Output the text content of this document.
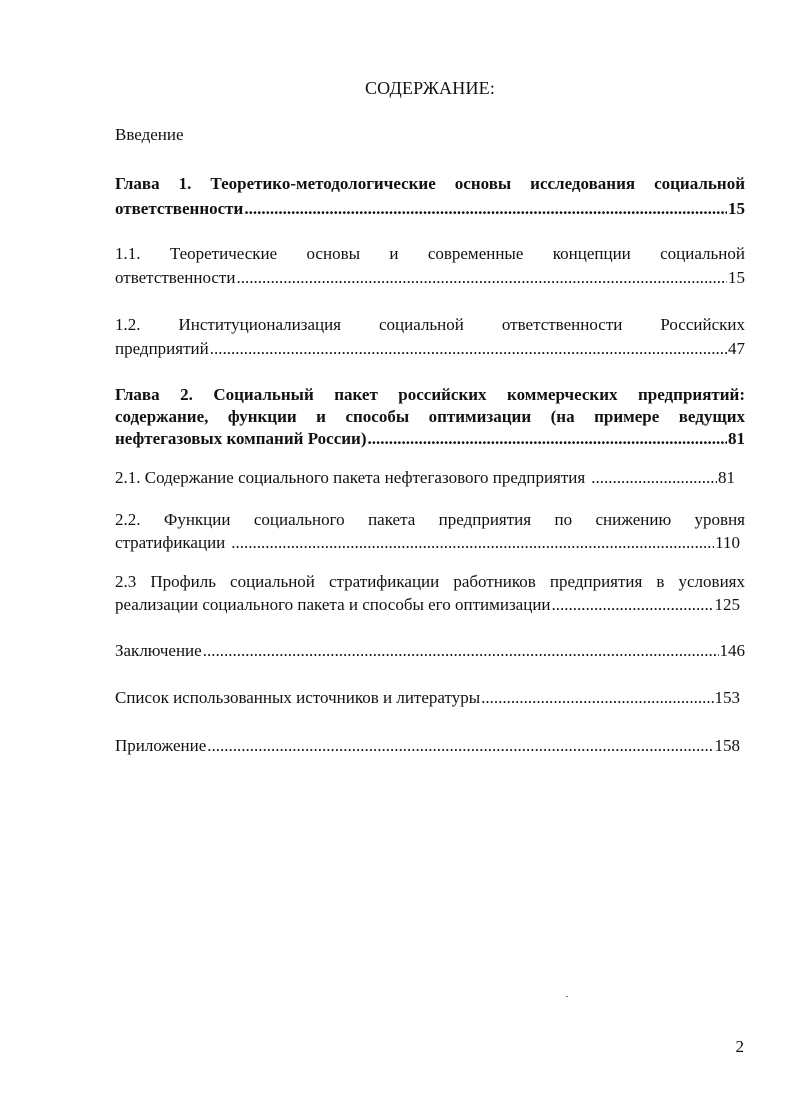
СОДЕРЖАНИЕ:
Введение
Глава 1. Теоретико-методологические основы исследования социальной
ответственности .....	15
1.1. Теоретические основы и современные концепции социальной
ответственности .....	15
1.2. Институционализация социальной ответственности Российских
предприятий .....	47
Глава 2. Социальный пакет российских коммерческих предприятий:
содержание, функции и способы оптимизации (на примере ведущих
нефтегазовых компаний России) .....	81
2.1. Содержание социального пакета нефтегазового предприятия .....	81
2.2. Функции социального пакета предприятия по снижению уровня
стратификации .....	110
2.3 Профиль социальной стратификации работников предприятия в условиях
реализации социального пакета и способы его оптимизации .....	125
Заключение .....	146
Список использованных источников и литературы .....	153
Приложение .....	158
2
